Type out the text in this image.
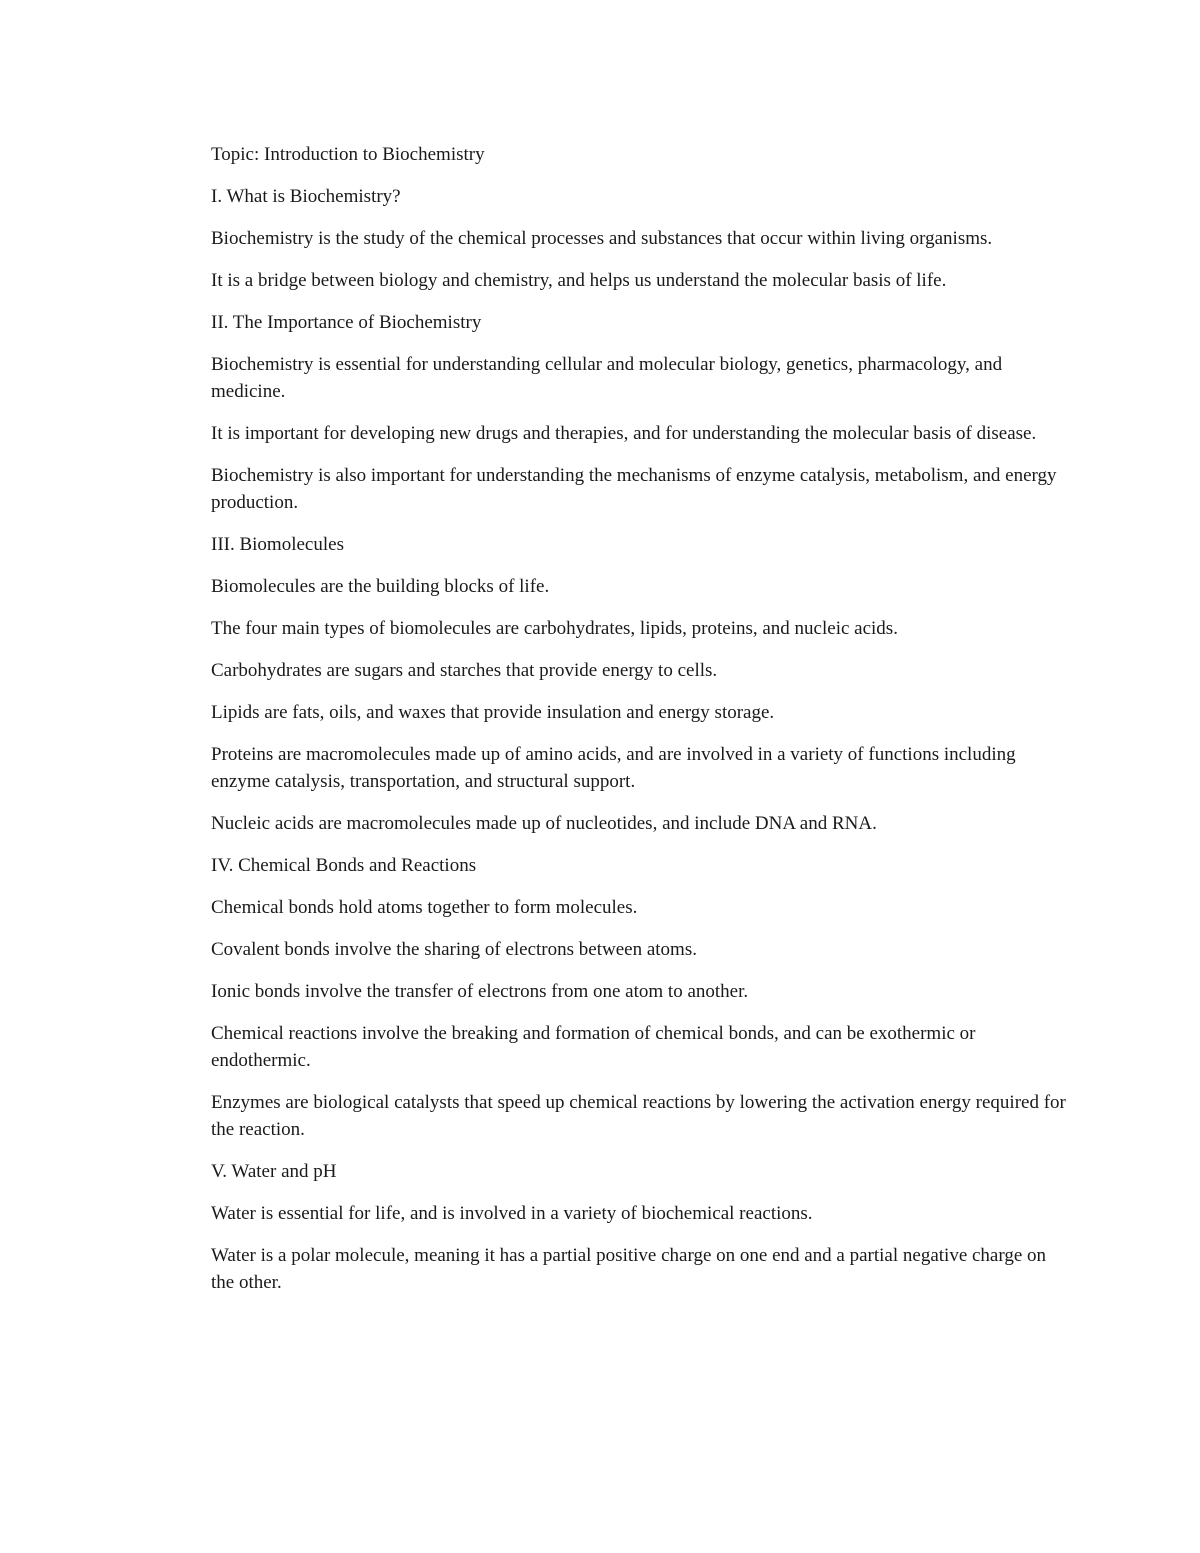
Topic: Introduction to Biochemistry

I. What is Biochemistry?

Biochemistry is the study of the chemical processes and substances that occur within living organisms.

It is a bridge between biology and chemistry, and helps us understand the molecular basis of life.

II. The Importance of Biochemistry

Biochemistry is essential for understanding cellular and molecular biology, genetics, pharmacology, and medicine.

It is important for developing new drugs and therapies, and for understanding the molecular basis of disease.

Biochemistry is also important for understanding the mechanisms of enzyme catalysis, metabolism, and energy production.

III. Biomolecules

Biomolecules are the building blocks of life.

The four main types of biomolecules are carbohydrates, lipids, proteins, and nucleic acids.

Carbohydrates are sugars and starches that provide energy to cells.

Lipids are fats, oils, and waxes that provide insulation and energy storage.

Proteins are macromolecules made up of amino acids, and are involved in a variety of functions including enzyme catalysis, transportation, and structural support.

Nucleic acids are macromolecules made up of nucleotides, and include DNA and RNA.

IV. Chemical Bonds and Reactions

Chemical bonds hold atoms together to form molecules.

Covalent bonds involve the sharing of electrons between atoms.

Ionic bonds involve the transfer of electrons from one atom to another.

Chemical reactions involve the breaking and formation of chemical bonds, and can be exothermic or endothermic.

Enzymes are biological catalysts that speed up chemical reactions by lowering the activation energy required for the reaction.

V. Water and pH

Water is essential for life, and is involved in a variety of biochemical reactions.

Water is a polar molecule, meaning it has a partial positive charge on one end and a partial negative charge on the other.
